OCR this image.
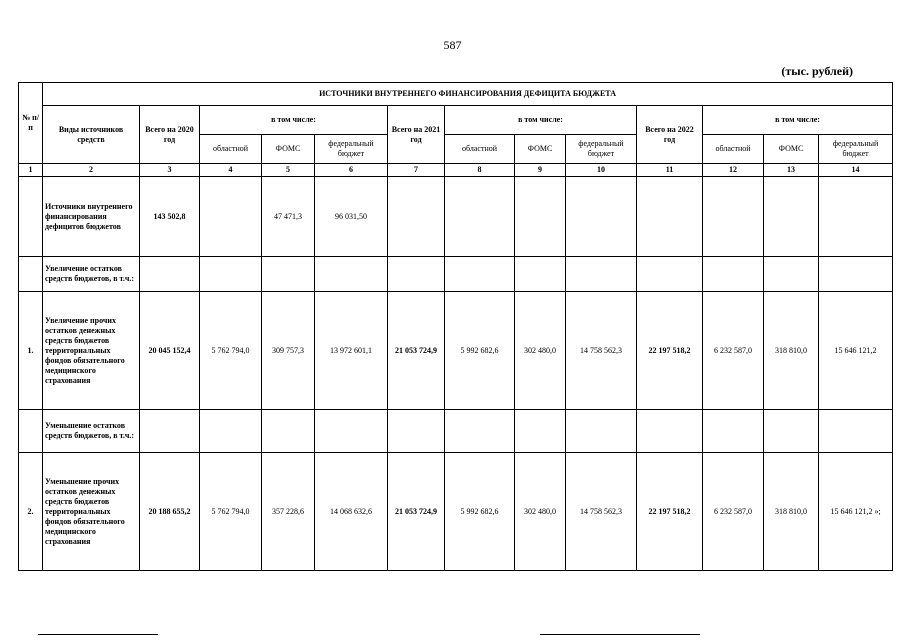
587
(тыс. рублей)
№ п/п	ИСТОЧНИКИ ВНУТРЕННЕГО ФИНАНСИРОВАНИЯ ДЕФИЦИТА БЮДЖЕТА												
	Виды источников средств	Всего на 2020 год	в том числе:			Всего на 2021 год	в том числе:			Всего на 2022 год	в том числе:		
			областной	ФОМС	федеральный бюджет		областной	ФОМС	федеральный бюджет		областной	ФОМС	федеральный бюджет
1	2	3	4	5	6	7	8	9	10	11	12	13	14
	Источники внутреннего финансирования дефицитов бюджетов	143 502,8		47 471,3	96 031,50								
	Увеличение остатков средств бюджетов, в т.ч.:												
1.	Увеличение прочих остатков денежных средств бюджетов территориальных фондов обязательного медицинского страхования	20 045 152,4	5 762 794,0	309 757,3	13 972 601,1	21 053 724,9	5 992 682,6	302 480,0	14 758 562,3	22 197 518,2	6 232 587,0	318 810,0	15 646 121,2
	Уменьшение остатков средств бюджетов, в т.ч.:												
2.	Уменьшение прочих остатков денежных средств бюджетов территориальных фондов обязательного медицинского страхования	20 188 655,2	5 762 794,0	357 228,6	14 068 632,6	21 053 724,9	5 992 682,6	302 480,0	14 758 562,3	22 197 518,2	6 232 587,0	318 810,0	15 646 121,2 »;
